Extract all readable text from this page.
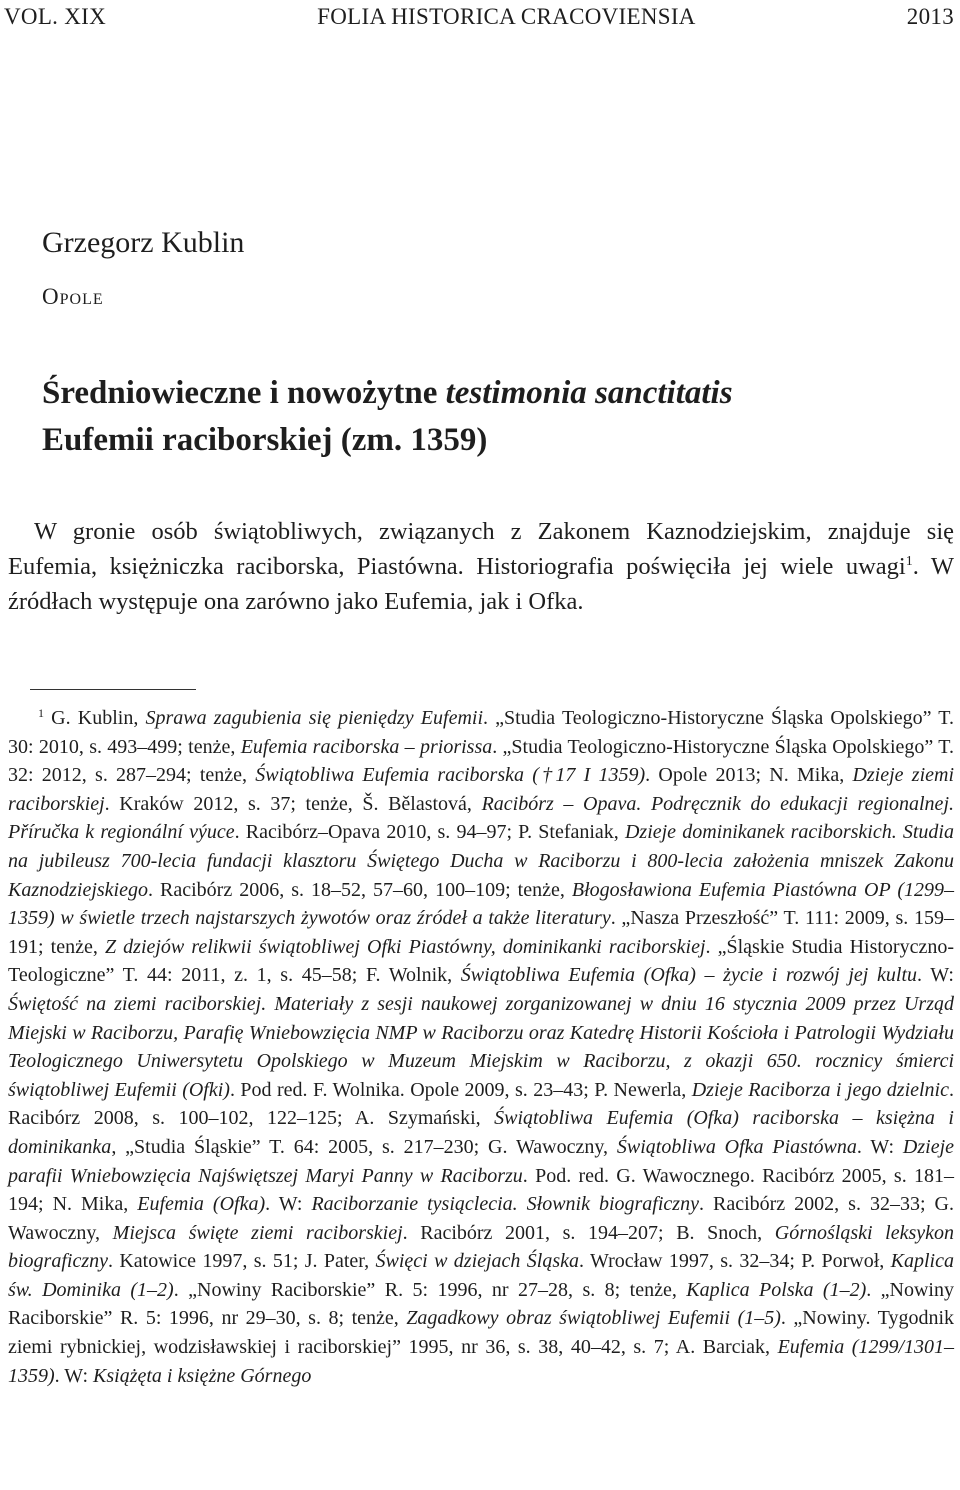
VOL. XIX	FOLIA HISTORICA CRACOVIENSIA	2013
Grzegorz Kublin
Opole
Średniowieczne i nowożytne testimonia sanctitatis
Eufemii raciborskiej (zm. 1359)

W gronie osób świątobliwych, związanych z Zakonem Kaznodziejskim, znajduje się Eufemia, księżniczka raciborska, Piastówna. Historiografia poświęciła jej wiele uwagi$^1$. W źródłach występuje ona zarówno jako Eufemia, jak i Ofka.

$^1$ G. Kublin, Sprawa zagubienia się pieniędzy Eufemii. „Studia Teologiczno-Historyczne Śląska Opolskiego” T. 30: 2010, s. 493–499; tenże, Eufemia raciborska – priorissa. „Studia Teologiczno-Historyczne Śląska Opolskiego” T. 32: 2012, s. 287–294; tenże, Świątobliwa Eufemia raciborska (†17 I 1359). Opole 2013; N. Mika, Dzieje ziemi raciborskiej. Kraków 2012, s. 37; tenże, Š. Bělastová, Racibórz – Opava. Podręcznik do edukacji regionalnej. Příručka k regionální výuce. Racibórz–Opava 2010, s. 94–97; P. Stefaniak, Dzieje dominikanek raciborskich. Studia na jubileusz 700-lecia fundacji klasztoru Świętego Ducha w Raciborzu i 800-lecia założenia mniszek Zakonu Kaznodziejskiego. Racibórz 2006, s. 18–52, 57–60, 100–109; tenże, Błogosławiona Eufemia Piastówna OP (1299–1359) w świetle trzech najstarszych żywotów oraz źródeł a także literatury. „Nasza Przeszłość” T. 111: 2009, s. 159–191; tenże, Z dziejów relikwii świątobliwej Ofki Piastówny, dominikanki raciborskiej. „Śląskie Studia Historyczno-Teologiczne” T. 44: 2011, z. 1, s. 45–58; F. Wolnik, Świątobliwa Eufemia (Ofka) – życie i rozwój jej kultu. W: Świętość na ziemi raciborskiej. Materiały z sesji naukowej zorganizowanej w dniu 16 stycznia 2009 przez Urząd Miejski w Raciborzu, Parafię Wniebowzięcia NMP w Raciborzu oraz Katedrę Historii Kościoła i Patrologii Wydziału Teologicznego Uniwersytetu Opolskiego w Muzeum Miejskim w Raciborzu, z okazji 650. rocznicy śmierci świątobliwej Eufemii (Ofki). Pod red. F. Wolnika. Opole 2009, s. 23–43; P. Newerla, Dzieje Raciborza i jego dzielnic. Racibórz 2008, s. 100–102, 122–125; A. Szymański, Świątobliwa Eufemia (Ofka) raciborska – księżna i dominikanka, „Studia Śląskie” T. 64: 2005, s. 217–230; G. Wawoczny, Świątobliwa Ofka Piastówna. W: Dzieje parafii Wniebowzięcia Najświętszej Maryi Panny w Raciborzu. Pod. red. G. Wawocznego. Racibórz 2005, s. 181–194; N. Mika, Eufemia (Ofka). W: Raciborzanie tysiąclecia. Słownik biograficzny. Racibórz 2002, s. 32–33; G. Wawoczny, Miejsca święte ziemi raciborskiej. Racibórz 2001, s. 194–207; B. Snoch, Górnośląski leksykon biograficzny. Katowice 1997, s. 51; J. Pater, Święci w dziejach Śląska. Wrocław 1997, s. 32–34; P. Porwoł, Kaplica św. Dominika (1–2). „Nowiny Raciborskie” R. 5: 1996, nr 27–28, s. 8; tenże, Kaplica Polska (1–2). „Nowiny Raciborskie” R. 5: 1996, nr 29–30, s. 8; tenże, Zagadkowy obraz świątobliwej Eufemii (1–5). „Nowiny. Tygodnik ziemi rybnickiej, wodzisławskiej i raciborskiej” 1995, nr 36, s. 38, 40–42, s. 7; A. Barciak, Eufemia (1299/1301–1359). W: Książęta i księżne Górnego
